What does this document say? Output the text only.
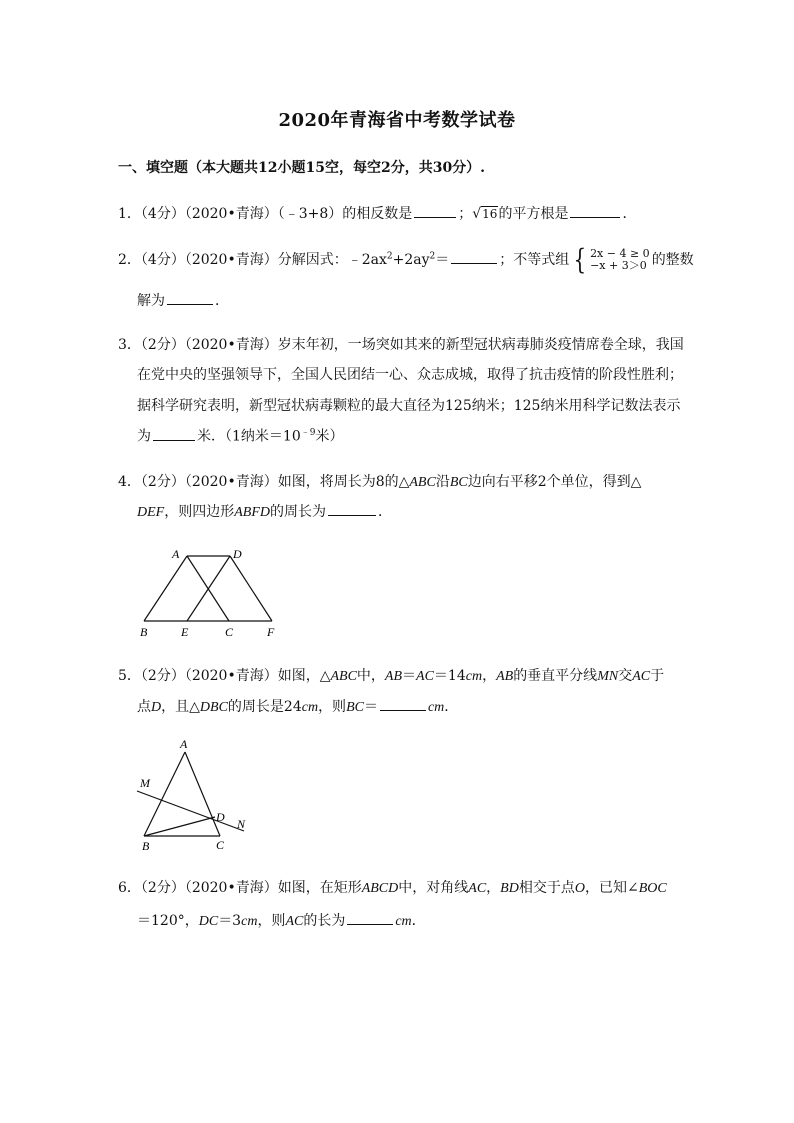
2020年青海省中考数学试卷
一、填空题（本大题共12小题15空，每空2分，共30分）.
1．（4分）（2020•青海）（﹣3+8）的相反数是	；√16的平方根是	．
2．（4分）（2020•青海）分解因式：$﹣2ax^2+2ay^2=$	；不等式组 { 2x − 4 ≥ 0
−x + 3＞0 的整数
解为	．
3．（2分）（2020•青海）岁末年初，一场突如其来的新型冠状病毒肺炎疫情席卷全球，我国
在党中央的坚强领导下，全国人民团结一心、众志成城，取得了抗击疫情的阶段性胜利；
据科学研究表明，新型冠状病毒颗粒的最大直径为125纳米；125纳米用科学记数法表示
为	米．（1纳米$=10^{﹣9}$米）
4．（2分）（2020•青海）如图，将周长为8的△ABC沿BC边向右平移2个单位，得到△
DEF，则四边形ABFD的周长为	．
A	D
B	E	C	F
5．（2分）（2020•青海）如图，△ABC中，AB＝AC＝14cm，AB的垂直平分线MN交AC于
点D，且△DBC的周长是24cm，则BC＝	cm．
A
M
D N
B	C
6．（2分）（2020•青海）如图，在矩形ABCD中，对角线AC，BD相交于点O，已知∠BOC
＝120°，DC＝3cm，则AC的长为	cm．
